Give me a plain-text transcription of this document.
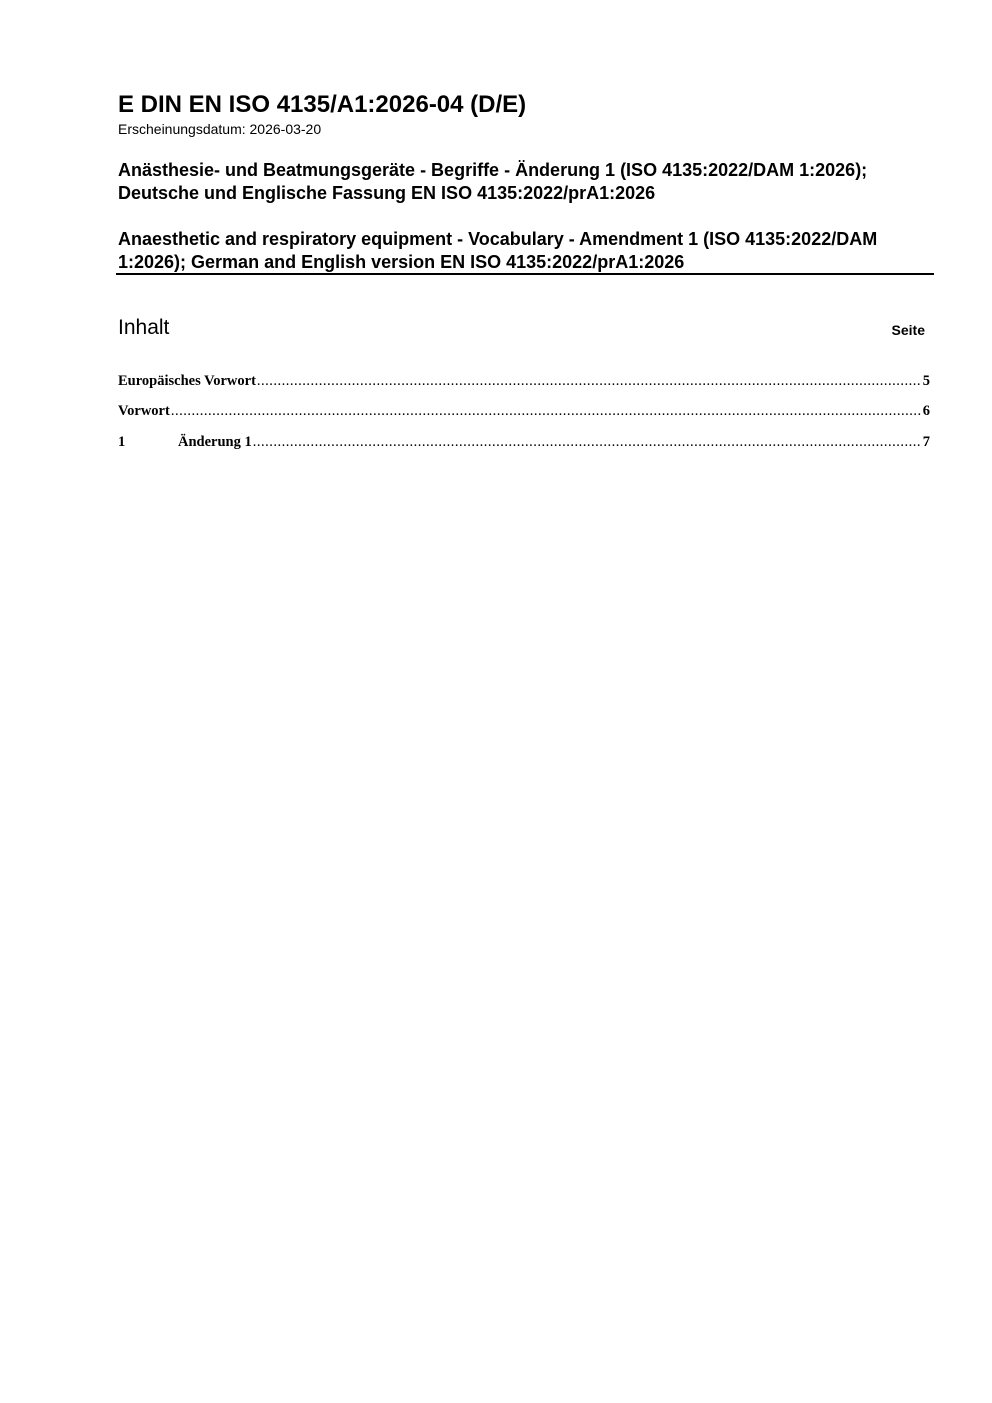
E DIN EN ISO 4135/A1:2026-04 (D/E)
Erscheinungsdatum: 2026-03-20
Anästhesie- und Beatmungsgeräte - Begriffe - Änderung 1 (ISO 4135:2022/DAM 1:2026); Deutsche und Englische Fassung EN ISO 4135:2022/prA1:2026
Anaesthetic and respiratory equipment - Vocabulary - Amendment 1 (ISO 4135:2022/DAM 1:2026); German and English version EN ISO 4135:2022/prA1:2026
Inhalt	Seite
Europäisches Vorwort .....	5
Vorwort .....	6
1	Änderung 1 .....	7
